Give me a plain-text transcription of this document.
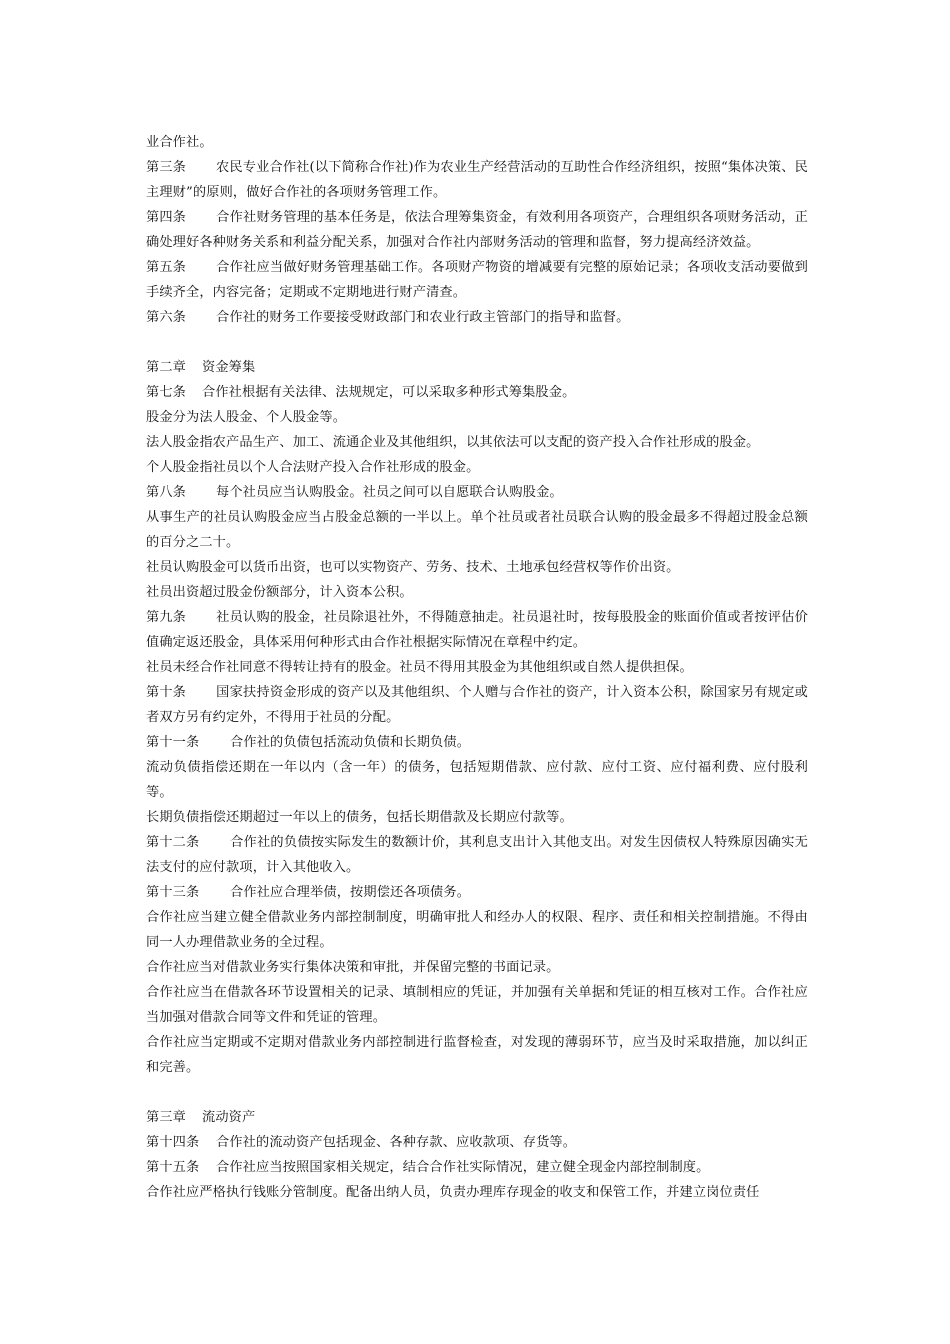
业合作社。

第三条 农民专业合作社(以下简称合作社)作为农业生产经营活动的互助性合作经济组织，按照“集体决策、民主理财”的原则，做好合作社的各项财务管理工作。

第四条 合作社财务管理的基本任务是，依法合理筹集资金，有效利用各项资产，合理组织各项财务活动，正确处理好各种财务关系和利益分配关系，加强对合作社内部财务活动的管理和监督，努力提高经济效益。

第五条 合作社应当做好财务管理基础工作。各项财产物资的增减要有完整的原始记录；各项收支活动要做到手续齐全，内容完备；定期或不定期地进行财产清查。

第六条 合作社的财务工作要接受财政部门和农业行政主管部门的指导和监督。

第二章 资金筹集

第七条 合作社根据有关法律、法规规定，可以采取多种形式筹集股金。

股金分为法人股金、个人股金等。

法人股金指农产品生产、加工、流通企业及其他组织，以其依法可以支配的资产投入合作社形成的股金。

个人股金指社员以个人合法财产投入合作社形成的股金。

第八条 每个社员应当认购股金。社员之间可以自愿联合认购股金。

从事生产的社员认购股金应当占股金总额的一半以上。单个社员或者社员联合认购的股金最多不得超过股金总额的百分之二十。

社员认购股金可以货币出资，也可以实物资产、劳务、技术、土地承包经营权等作价出资。

社员出资超过股金份额部分，计入资本公积。

第九条 社员认购的股金，社员除退社外，不得随意抽走。社员退社时，按每股股金的账面价值或者按评估价值确定返还股金，具体采用何种形式由合作社根据实际情况在章程中约定。

社员未经合作社同意不得转让持有的股金。社员不得用其股金为其他组织或自然人提供担保。

第十条 国家扶持资金形成的资产以及其他组织、个人赠与合作社的资产，计入资本公积，除国家另有规定或者双方另有约定外，不得用于社员的分配。

第十一条 合作社的负债包括流动负债和长期负债。

流动负债指偿还期在一年以内（含一年）的债务，包括短期借款、应付款、应付工资、应付福利费、应付股利等。

长期负债指偿还期超过一年以上的债务，包括长期借款及长期应付款等。

第十二条 合作社的负债按实际发生的数额计价，其利息支出计入其他支出。对发生因债权人特殊原因确实无法支付的应付款项，计入其他收入。

第十三条 合作社应合理举债，按期偿还各项债务。

合作社应当建立健全借款业务内部控制制度，明确审批人和经办人的权限、程序、责任和相关控制措施。不得由同一人办理借款业务的全过程。

合作社应当对借款业务实行集体决策和审批，并保留完整的书面记录。

合作社应当在借款各环节设置相关的记录、填制相应的凭证，并加强有关单据和凭证的相互核对工作。合作社应当加强对借款合同等文件和凭证的管理。

合作社应当定期或不定期对借款业务内部控制进行监督检查，对发现的薄弱环节，应当及时采取措施，加以纠正和完善。

第三章 流动资产

第十四条 合作社的流动资产包括现金、各种存款、应收款项、存货等。

第十五条 合作社应当按照国家相关规定，结合合作社实际情况，建立健全现金内部控制制度。

合作社应严格执行钱账分管制度。配备出纳人员，负责办理库存现金的收支和保管工作，并建立岗位责任
